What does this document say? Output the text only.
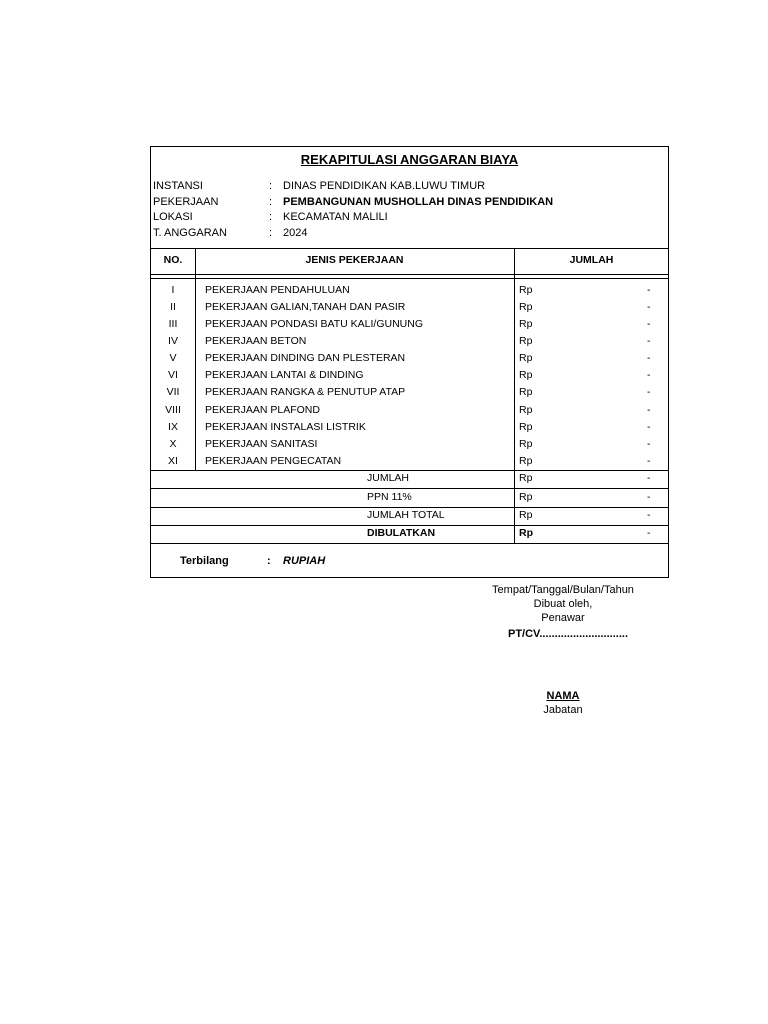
REKAPITULASI ANGGARAN BIAYA
INSTANSI	: DINAS PENDIDIKAN KAB.LUWU TIMUR
PEKERJAAN	: PEMBANGUNAN MUSHOLLAH DINAS PENDIDIKAN
LOKASI	: KECAMATAN MALILI
T. ANGGARAN	: 2024
NO.	JENIS PEKERJAAN	JUMLAH
I	PEKERJAAN PENDAHULUAN	Rp	-
II	PEKERJAAN GALIAN,TANAH DAN PASIR	Rp	-
III	PEKERJAAN PONDASI BATU KALI/GUNUNG	Rp	-
IV	PEKERJAAN BETON	Rp	-
V	PEKERJAAN DINDING DAN PLESTERAN	Rp	-
VI	PEKERJAAN LANTAI & DINDING	Rp	-
VII	PEKERJAAN RANGKA & PENUTUP ATAP	Rp	-
VIII	PEKERJAAN PLAFOND	Rp	-
IX	PEKERJAAN INSTALASI LISTRIK	Rp	-
X	PEKERJAAN SANITASI	Rp	-
XI	PEKERJAAN PENGECATAN	Rp	-
JUMLAH	Rp	-
PPN 11%	Rp	-
JUMLAH TOTAL	Rp	-
DIBULATKAN	Rp	-
Terbilang	: RUPIAH
Tempat/Tanggal/Bulan/Tahun
Dibuat oleh,
Penawar
PT/CV.............................
NAMA
Jabatan
